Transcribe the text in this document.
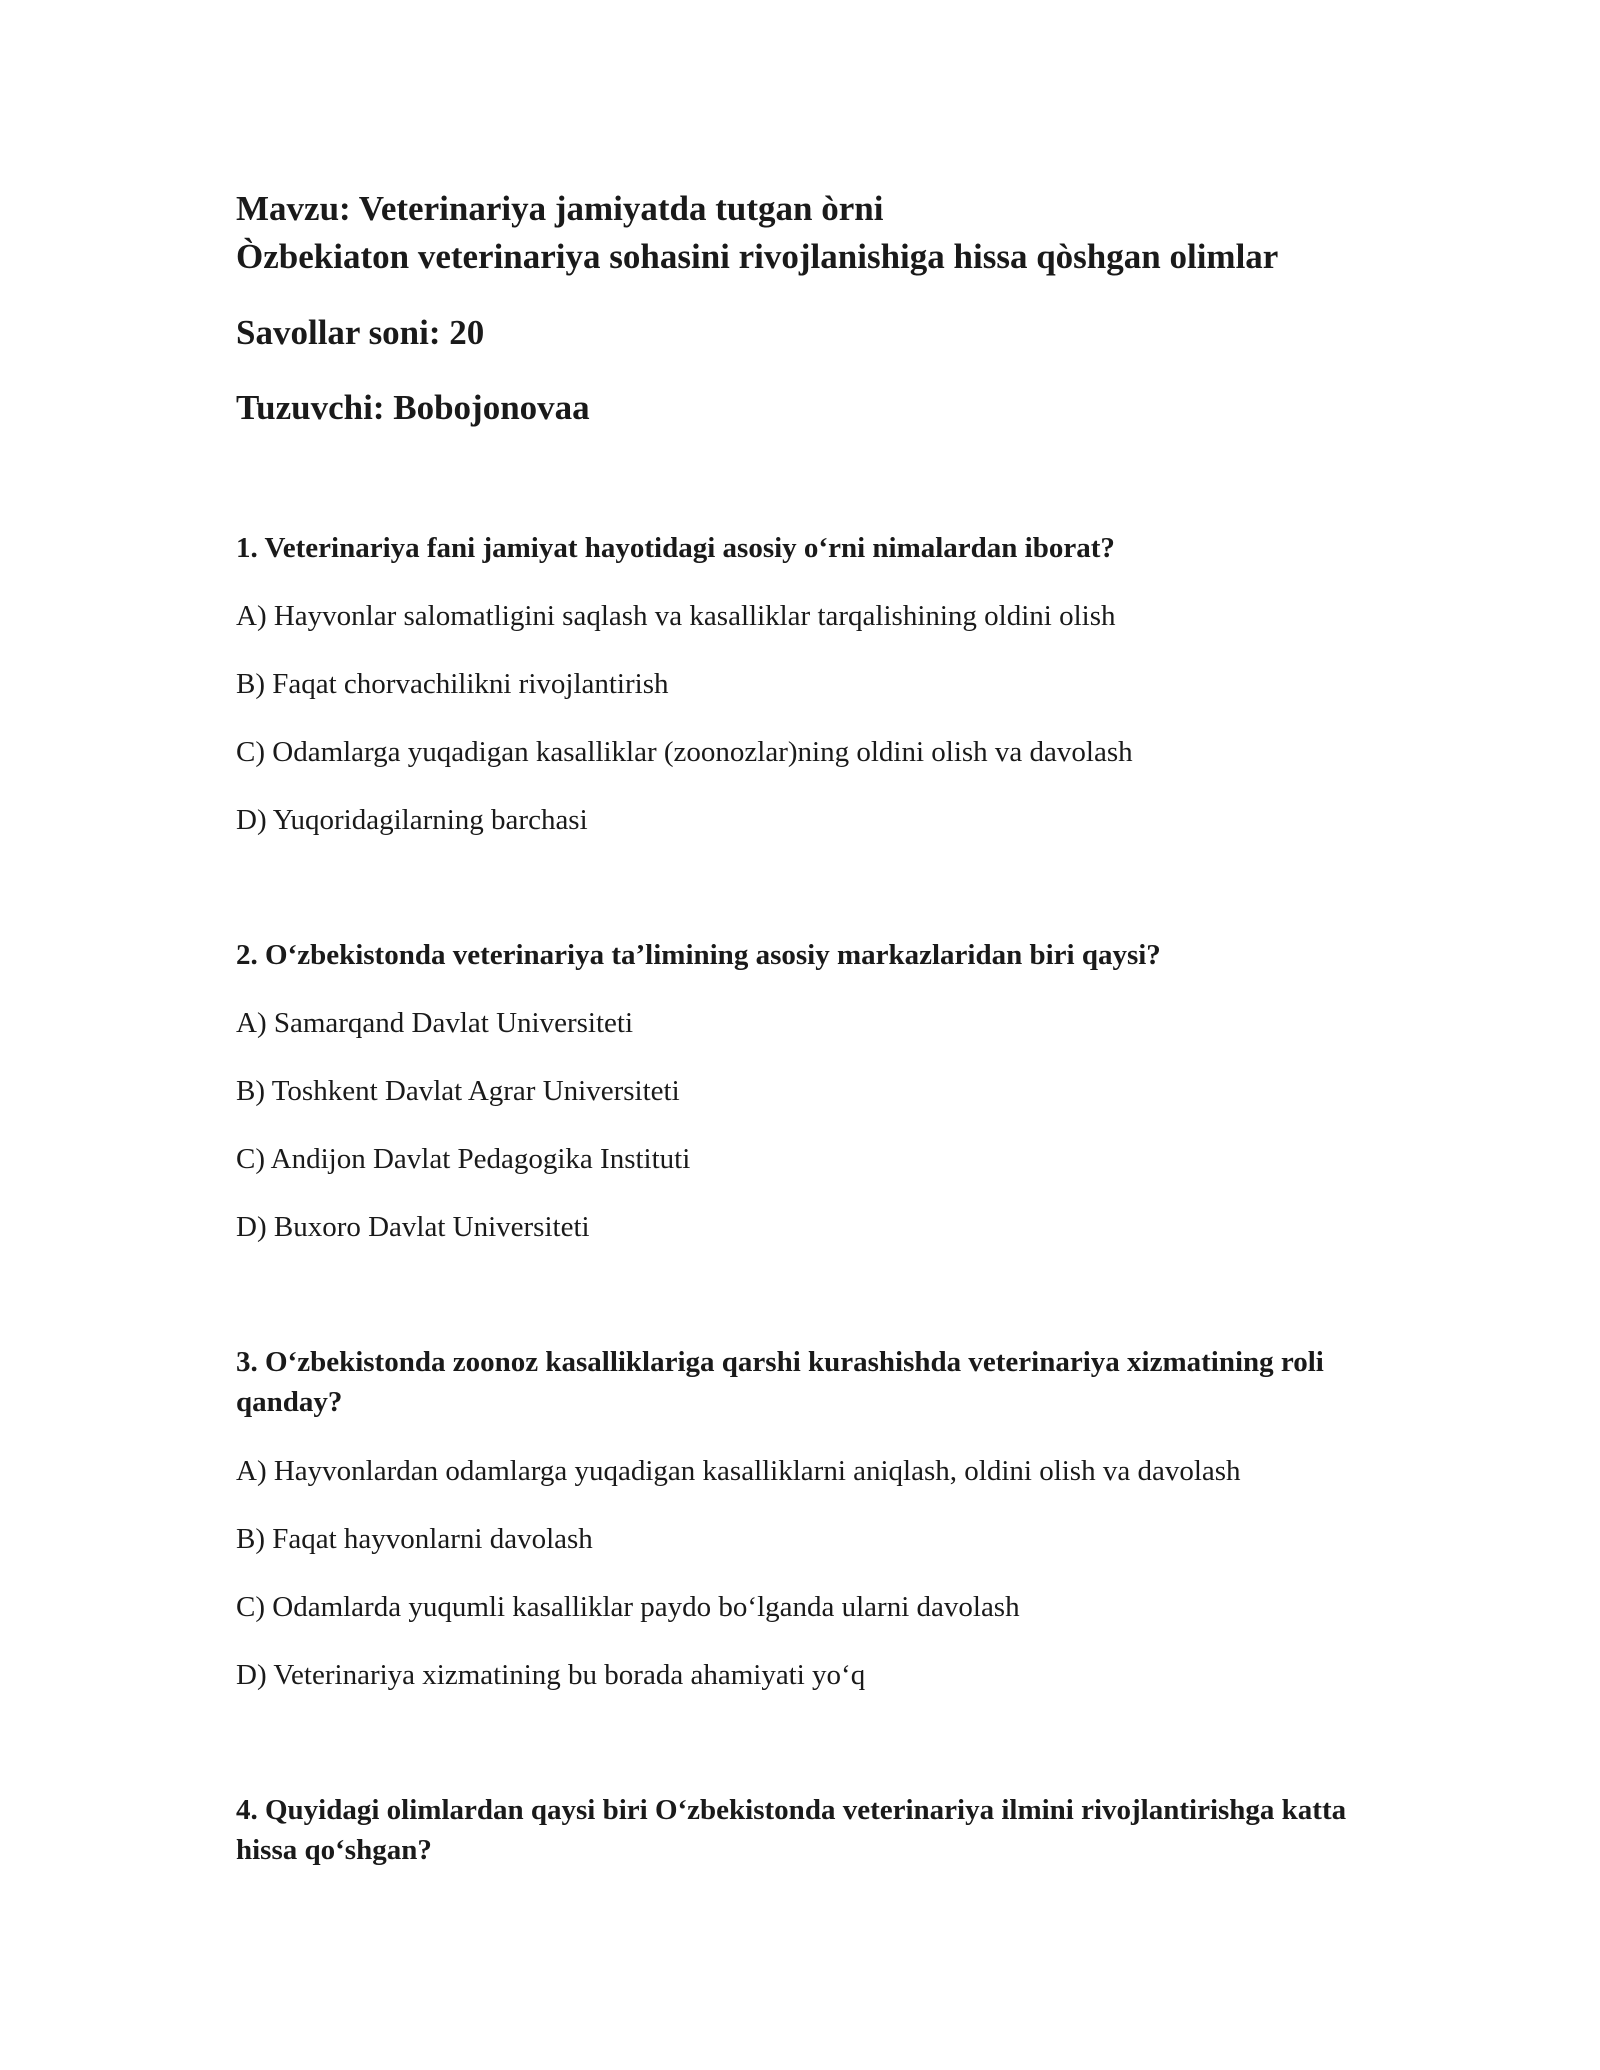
Mavzu: Veterinariya jamiyatda tutgan òrni
Òzbekiaton veterinariya sohasini rivojlanishiga hissa qòshgan olimlar
Savollar soni: 20
Tuzuvchi: Bobojonovaa
1. Veterinariya fani jamiyat hayotidagi asosiy o‘rni nimalardan iborat?
A) Hayvonlar salomatligini saqlash va kasalliklar tarqalishining oldini olish
B) Faqat chorvachilikni rivojlantirish
C) Odamlarga yuqadigan kasalliklar (zoonozlar)ning oldini olish va davolash
D) Yuqoridagilarning barchasi
2. O‘zbekistonda veterinariya ta’limining asosiy markazlaridan biri qaysi?
A) Samarqand Davlat Universiteti
B) Toshkent Davlat Agrar Universiteti
C) Andijon Davlat Pedagogika Instituti
D) Buxoro Davlat Universiteti
3. O‘zbekistonda zoonoz kasalliklariga qarshi kurashishda veterinariya xizmatining roli qanday?
A) Hayvonlardan odamlarga yuqadigan kasalliklarni aniqlash, oldini olish va davolash
B) Faqat hayvonlarni davolash
C) Odamlarda yuqumli kasalliklar paydo bo‘lganda ularni davolash
D) Veterinariya xizmatining bu borada ahamiyati yo‘q
4. Quyidagi olimlardan qaysi biri O‘zbekistonda veterinariya ilmini rivojlantirishga katta hissa qo‘shgan?
